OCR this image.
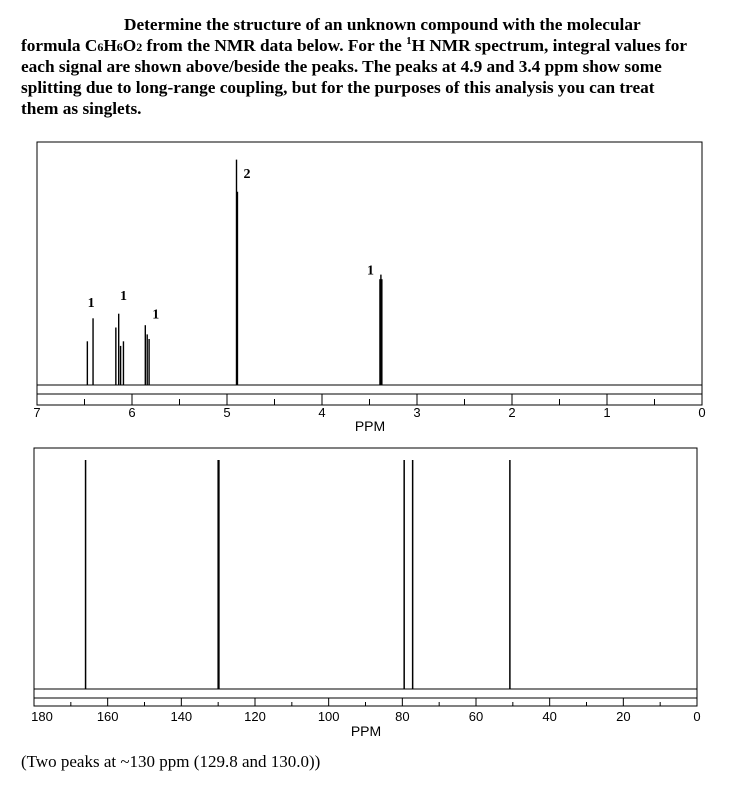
Determine the structure of an unknown compound with the molecular
formula C6H6O2 from the NMR data below. For the $^1$H NMR spectrum, integral values for
each signal are shown above/beside the peaks. The peaks at 4.9 and 3.4 ppm show some
splitting due to long-range coupling, but for the purposes of this analysis you can treat
them as singlets.
7	6	5	4	3	2	1	0
PPM
1 1
1
2
1
180	160	140	120	100	80	60	40	20	0
PPM
(Two peaks at ~130 ppm (129.8 and 130.0))
